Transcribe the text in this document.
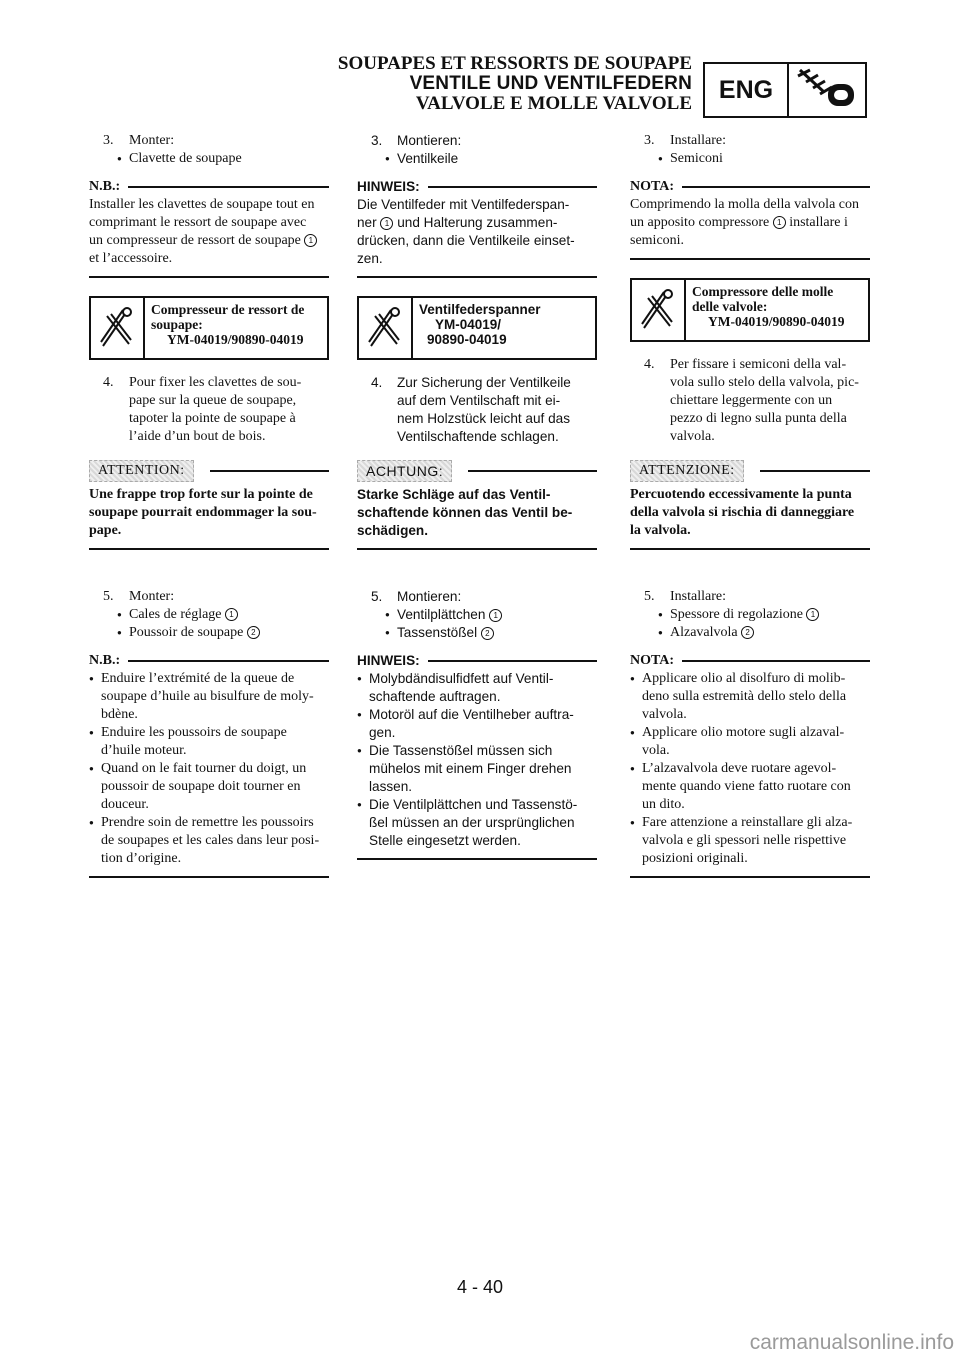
SOUPAPES ET RESSORTS DE SOUPAPE
VENTILE UND VENTILFEDERN
VALVOLE E MOLLE VALVOLE	ENG
3. Monter:
● Clavette de soupape
N.B.:
Installer les clavettes de soupape tout en
comprimant le ressort de soupape avec
un compresseur de ressort de soupape 1
et l’accessoire.
Compresseur de ressort de
soupape:
YM-04019/90890-04019
4. Pour fixer les clavettes de sou-
pape sur la queue de soupape,
tapoter la pointe de soupape à
l’aide d’un bout de bois.
ATTENTION:
Une frappe trop forte sur la pointe de
soupape pourrait endommager la sou-
pape.
5. Monter:
● Cales de réglage 1
● Poussoir de soupape 2
N.B.:
● Enduire l’extrémité de la queue de
soupape d’huile au bisulfure de moly-
bdène.
● Enduire les poussoirs de soupape
d’huile moteur.
● Quand on le fait tourner du doigt, un
poussoir de soupape doit tourner en
douceur.
● Prendre soin de remettre les poussoirs
de soupapes et les cales dans leur posi-
tion d’origine.
3. Montieren:
● Ventilkeile
HINWEIS:
Die Ventilfeder mit Ventilfederspan-
ner 1 und Halterung zusammen-
drücken, dann die Ventilkeile einset-
zen.
Ventilfederspanner
YM-04019/
90890-04019
4. Zur Sicherung der Ventilkeile
auf dem Ventilschaft mit ei-
nem Holzstück leicht auf das
Ventilschaftende schlagen.
ACHTUNG:
Starke Schläge auf das Ventil-
schaftende können das Ventil be-
schädigen.
5. Montieren:
● Ventilplättchen 1
● Tassenstößel 2
HINWEIS:
● Molybdändisulfidfett auf Ventil-
schaftende auftragen.
● Motoröl auf die Ventilheber auftra-
gen.
● Die Tassenstößel müssen sich
mühelos mit einem Finger drehen
lassen.
● Die Ventilplättchen und Tassenstö-
ßel müssen an der ursprünglichen
Stelle eingesetzt werden.
3. Installare:
● Semiconi
NOTA:
Comprimendo la molla della valvola con
un apposito compressore 1 installare i
semiconi.
Compressore delle molle
delle valvole:
YM-04019/90890-04019
4. Per fissare i semiconi della val-
vola sullo stelo della valvola, pic-
chiettare leggermente con un
pezzo di legno sulla punta della
valvola.
ATTENZIONE:
Percuotendo eccessivamente la punta
della valvola si rischia di danneggiare
la valvola.
5. Installare:
● Spessore di regolazione 1
● Alzavalvola 2
NOTA:
● Applicare olio al disolfuro di molib-
deno sulla estremità dello stelo della
valvola.
● Applicare olio motore sugli alzaval-
vola.
● L’alzavalvola deve ruotare agevol-
mente quando viene fatto ruotare con
un dito.
● Fare attenzione a reinstallare gli alza-
valvola e gli spessori nelle rispettive
posizioni originali.
4 - 40
carmanualsonline.info
